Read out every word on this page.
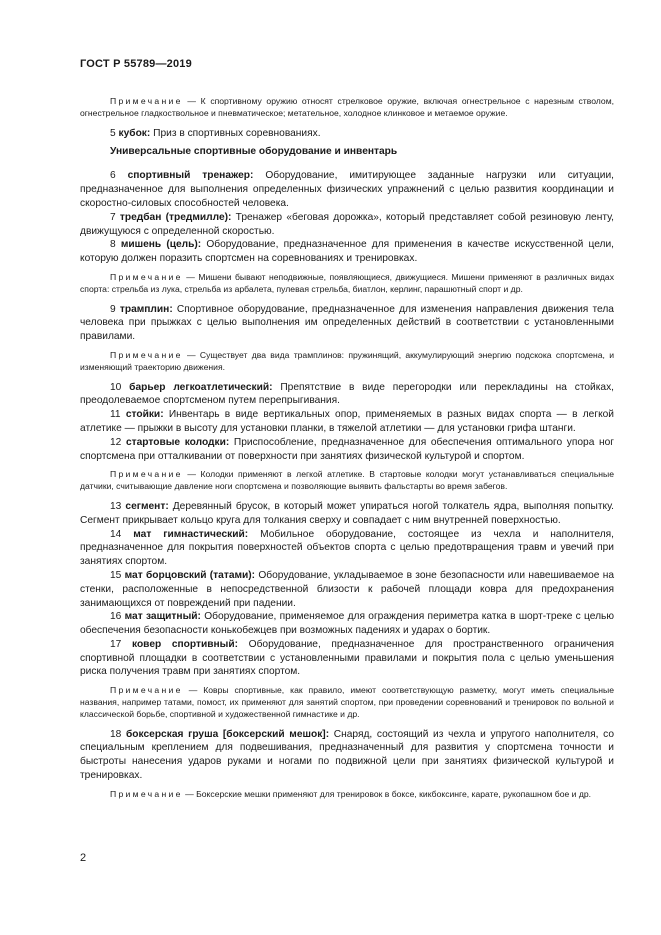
ГОСТ Р 55789—2019

Примечание — К спортивному оружию относят стрелковое оружие, включая огнестрельное с нарезным стволом, огнестрельное гладкоствольное и пневматическое; метательное, холодное клинковое и метаемое оружие.

5 кубок: Приз в спортивных соревнованиях.

Универсальные спортивные оборудование и инвентарь

6 спортивный тренажер: Оборудование, имитирующее заданные нагрузки или ситуации, предназначенное для выполнения определенных физических упражнений с целью развития координации и скоростно-силовых способностей человека.

7 тредбан (тредмилле): Тренажер «беговая дорожка», который представляет собой резиновую ленту, движущуюся с определенной скоростью.

8 мишень (цель): Оборудование, предназначенное для применения в качестве искусственной цели, которую должен поразить спортсмен на соревнованиях и тренировках.

Примечание — Мишени бывают неподвижные, появляющиеся, движущиеся. Мишени применяют в различных видах спорта: стрельба из лука, стрельба из арбалета, пулевая стрельба, биатлон, керлинг, парашютный спорт и др.

9 трамплин: Спортивное оборудование, предназначенное для изменения направления движения тела человека при прыжках с целью выполнения им определенных действий в соответствии с установленными правилами.

Примечание — Существует два вида трамплинов: пружинящий, аккумулирующий энергию подскока спортсмена, и изменяющий траекторию движения.

10 барьер легкоатлетический: Препятствие в виде перегородки или перекладины на стойках, преодолеваемое спортсменом путем перепрыгивания.

11 стойки: Инвентарь в виде вертикальных опор, применяемых в разных видах спорта — в легкой атлетике — прыжки в высоту для установки планки, в тяжелой атлетики — для установки грифа штанги.

12 стартовые колодки: Приспособление, предназначенное для обеспечения оптимального упора ног спортсмена при отталкивании от поверхности при занятиях физической культурой и спортом.

Примечание — Колодки применяют в легкой атлетике. В стартовые колодки могут устанавливаться специальные датчики, считывающие давление ноги спортсмена и позволяющие выявить фальстарты во время забегов.

13 сегмент: Деревянный брусок, в который может упираться ногой толкатель ядра, выполняя попытку. Сегмент прикрывает кольцо круга для толкания сверху и совпадает с ним внутренней поверхностью.

14 мат гимнастический: Мобильное оборудование, состоящее из чехла и наполнителя, предназначенное для покрытия поверхностей объектов спорта с целью предотвращения травм и увечий при занятиях спортом.

15 мат борцовский (татами): Оборудование, укладываемое в зоне безопасности или навешиваемое на стенки, расположенные в непосредственной близости к рабочей площади ковра для предохранения занимающихся от повреждений при падении.

16 мат защитный: Оборудование, применяемое для ограждения периметра катка в шорт-треке с целью обеспечения безопасности конькобежцев при возможных падениях и ударах о бортик.

17 ковер спортивный: Оборудование, предназначенное для пространственного ограничения спортивной площадки в соответствии с установленными правилами и покрытия пола с целью уменьшения риска получения травм при занятиях спортом.

Примечание — Ковры спортивные, как правило, имеют соответствующую разметку, могут иметь специальные названия, например татами, помост, их применяют для занятий спортом, при проведении соревнований и тренировок по вольной и классической борьбе, спортивной и художественной гимнастике и др.

18 боксерская груша [боксерский мешок]: Снаряд, состоящий из чехла и упругого наполнителя, со специальным креплением для подвешивания, предназначенный для развития у спортсмена точности и быстроты нанесения ударов руками и ногами по подвижной цели при занятиях физической культурой и тренировках.

Примечание — Боксерские мешки применяют для тренировок в боксе, кикбоксинге, карате, рукопашном бое и др.

2
